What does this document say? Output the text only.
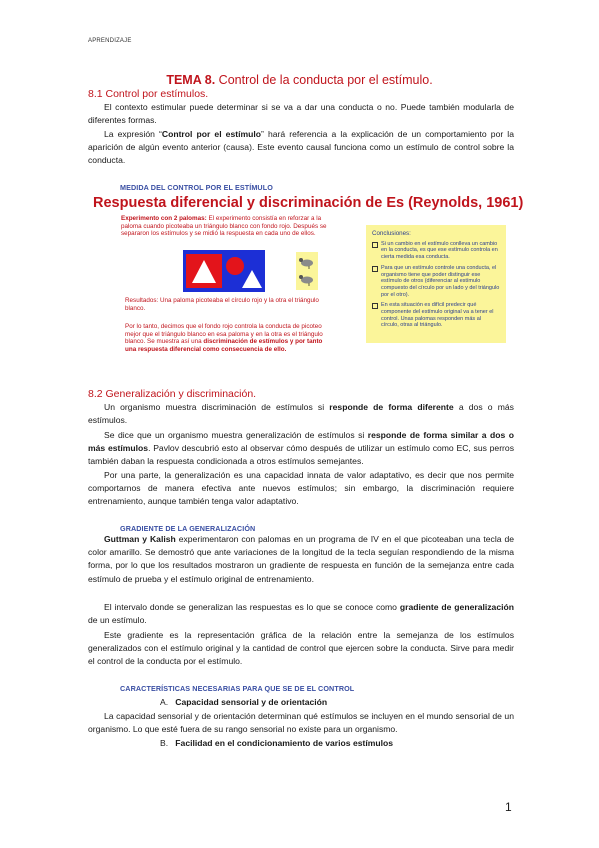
APRENDIZAJE
TEMA 8. Control de la conducta por el estímulo.
8.1 Control por estímulos.

El contexto estimular puede determinar si se va a dar una conducta o no. Puede también modularla de diferentes formas.

La expresión “Control por el estímulo” hará referencia a la explicación de un comportamiento por la aparición de algún evento anterior (causa). Este evento causal funciona como un estímulo de control sobre la conducta.

MEDIDA DEL CONTROL POR EL ESTÍMULO
Respuesta diferencial y discriminación de Es (Reynolds, 1961)
Experimento con 2 palomas: El experimento consistía en reforzar a la paloma cuando picoteaba un triángulo blanco con fondo rojo. Después se separaron los estímulos y se midió la respuesta en cada uno de ellos.
Resultados: Una paloma picoteaba el círculo rojo y la otra el triángulo blanco.
Por lo tanto, decimos que el fondo rojo controla la conducta de picoteo mejor que el triángulo blanco en esa paloma y en la otra es el triángulo blanco. Se muestra así una discriminación de estímulos y por tanto una respuesta diferencial como consecuencia de ello.
Conclusiones:
Si un cambio en el estímulo conlleva un cambio en la conducta, es que ese estímulo controla en cierta medida esa conducta.
Para que un estímulo controle una conducta, el organismo tiene que poder distinguir ese estímulo de otros (diferenciar al estímulo compuesto del círculo por un lado y del triángulo por el otro).
En esta situación es difícil predecir qué componente del estímulo original va a tener el control. Unas palomas responden más al círculo, otras al triángulo.
8.2 Generalización y discriminación.

Un organismo muestra discriminación de estímulos si responde de forma diferente a dos o más estímulos.

Se dice que un organismo muestra generalización de estímulos si responde de forma similar a dos o más estímulos. Pavlov descubrió esto al observar cómo después de utilizar un estímulo como EC, sus perros también daban la respuesta condicionada a otros estímulos semejantes.

Por una parte, la generalización es una capacidad innata de valor adaptativo, es decir que nos permite comportarnos de manera efectiva ante nuevos estímulos; sin embargo, la discriminación requiere entrenamiento, aunque también tenga valor adaptativo.

GRADIENTE DE LA GENERALIZACIÓN

Guttman y Kalish experimentaron con palomas en un programa de IV en el que picoteaban una tecla de color amarillo. Se demostró que ante variaciones de la longitud de la tecla seguían respondiendo de la misma forma, por lo que los resultados mostraron un gradiente de respuesta en función de la semejanza entre cada estímulo de prueba y el estímulo original de entrenamiento.

El intervalo donde se generalizan las respuestas es lo que se conoce como gradiente de generalización de un estímulo.

Este gradiente es la representación gráfica de la relación entre la semejanza de los estímulos generalizados con el estímulo original y la cantidad de control que ejercen sobre la conducta. Sirve para medir el control de la conducta por el estímulo.

CARACTERÍSTICAS NECESARIAS PARA QUE SE DE EL CONTROL
A. Capacidad sensorial y de orientación

La capacidad sensorial y de orientación determinan qué estímulos se incluyen en el mundo sensorial de un organismo. Lo que esté fuera de su rango sensorial no existe para un organismo.

B. Facilidad en el condicionamiento de varios estímulos
1
